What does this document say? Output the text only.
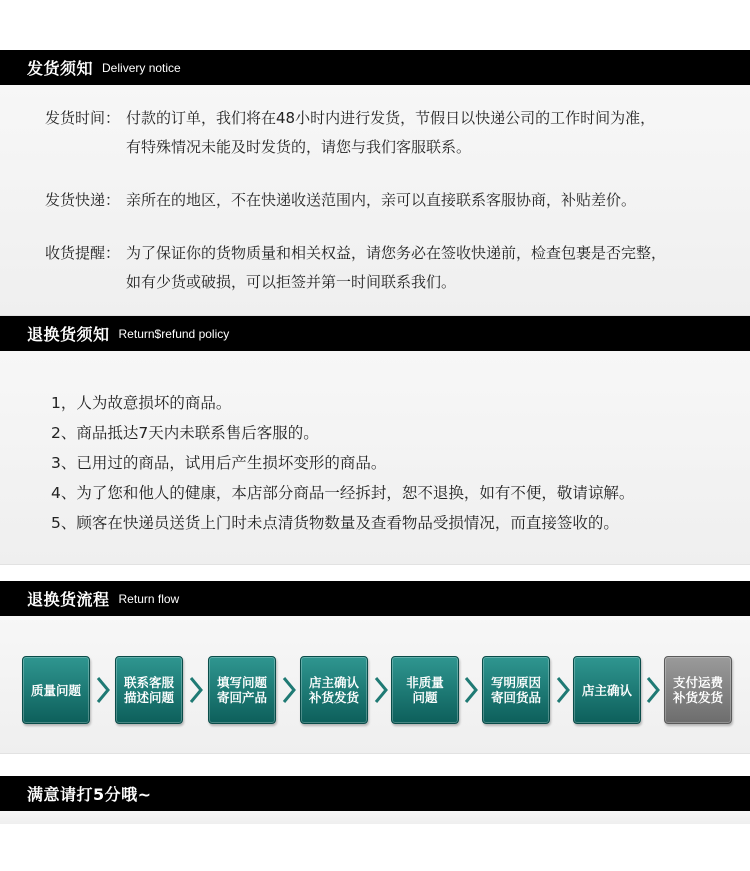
发货须知 Delivery notice
发货时间： 付款的订单，我们将在48小时内进行发货，节假日以快递公司的工作时间为准，
有特殊情况未能及时发货的，请您与我们客服联系。
发货快递： 亲所在的地区，不在快递收送范围内，亲可以直接联系客服协商，补贴差价。
收货提醒： 为了保证你的货物质量和相关权益，请您务必在签收快递前，检查包裹是否完整，
如有少货或破损，可以拒签并第一时间联系我们。
退换货须知 Return$refund policy
1，人为故意损坏的商品。
2、商品抵达7天内未联系售后客服的。
3、已用过的商品，试用后产生损坏变形的商品。
4、为了您和他人的健康，本店部分商品一经拆封，恕不退换，如有不便，敬请谅解。
5、顾客在快递员送货上门时未点清货物数量及查看物品受损情况，而直接签收的。
退换货流程 Return flow
质量问题	联系客服
描述问题
填写问题
寄回产品
店主确认
补货发货
非质量
问题
写明原因
寄回货品	店主确认	支付运费
补货发货
满意请打5分哦~
